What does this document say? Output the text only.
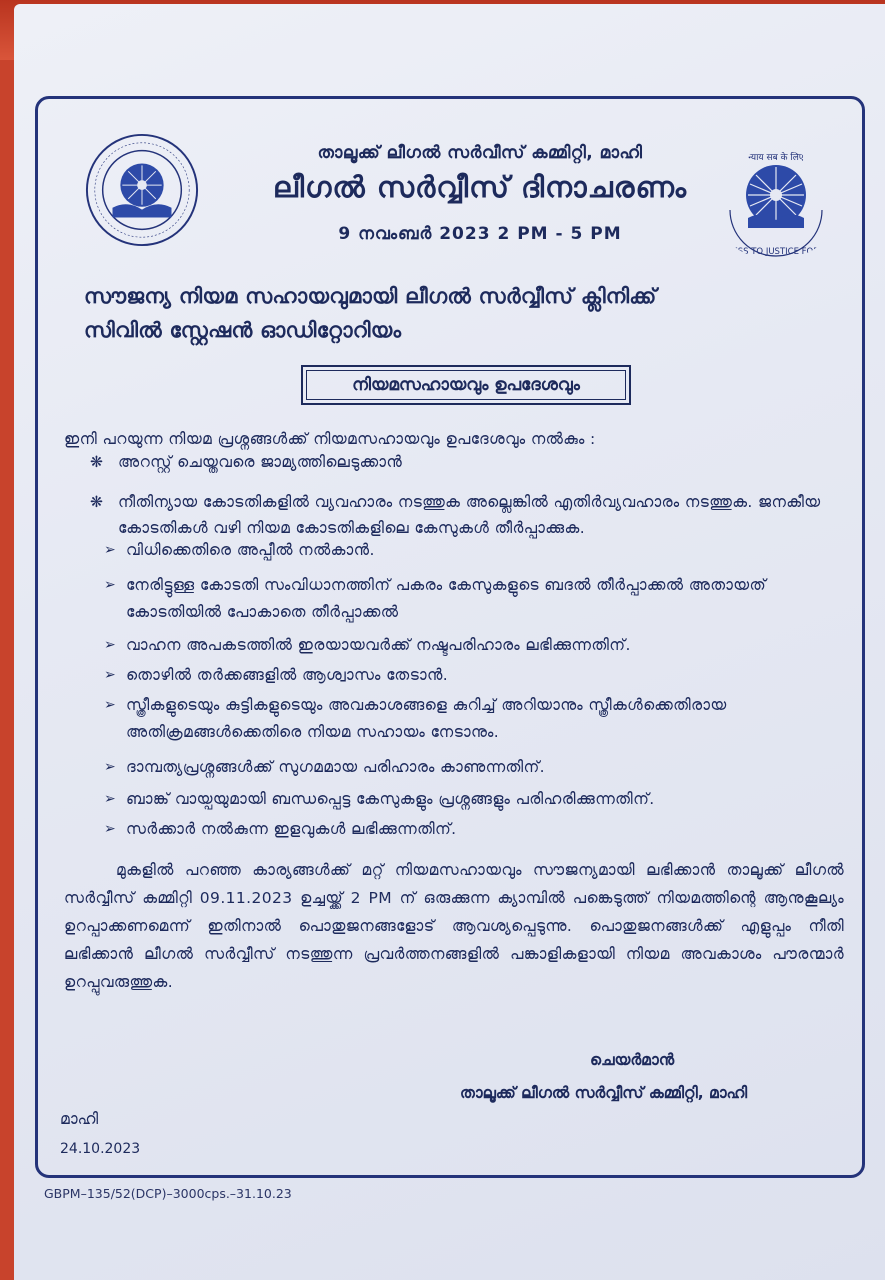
न्याय सब के लिए
ACCESS TO JUSTICE FOR ALL
താലൂക്ക് ലീഗൽ സർവീസ് കമ്മിറ്റി, മാഹി
ലീഗൽ സർവ്വീസ് ദിനാചരണം
9 നവംബർ 2023 2 PM - 5 PM
സൗജന്യ നിയമ സഹായവുമായി ലീഗൽ സർവ്വീസ് ക്ലിനിക്ക്
സിവിൽ സ്റ്റേഷൻ ഓഡിറ്റോറിയം
നിയമസഹായവും ഉപദേശവും
ഇനി പറയുന്ന നിയമ പ്രശ്നങ്ങൾക്ക് നിയമസഹായവും ഉപദേശവും നൽകും :
❋ അറസ്റ്റ് ചെയ്തവരെ ജാമ്യത്തിലെടുക്കാൻ
❋ നീതിന്യായ കോടതികളിൽ വ്യവഹാരം നടത്തുക അല്ലെങ്കിൽ എതിർവ്യവഹാരം നടത്തുക. ജനകീയ കോടതികൾ വഴി നിയമ കോടതികളിലെ കേസുകൾ തീർപ്പാക്കുക.
➢ വിധിക്കെതിരെ അപ്പീൽ നൽകാൻ.
➢ നേരിട്ടുള്ള കോടതി സംവിധാനത്തിന് പകരം കേസുകളുടെ ബദൽ തീർപ്പാക്കൽ അതായത് കോടതിയിൽ പോകാതെ തീർപ്പാക്കൽ
➢ വാഹന അപകടത്തിൽ ഇരയായവർക്ക് നഷ്ടപരിഹാരം ലഭിക്കുന്നതിന്.
➢ തൊഴിൽ തർക്കങ്ങളിൽ ആശ്വാസം തേടാൻ.
➢ സ്ത്രീകളുടെയും കുട്ടികളുടെയും അവകാശങ്ങളെ കുറിച്ച് അറിയാനും സ്ത്രീകൾക്കെതിരായ അതിക്രമങ്ങൾക്കെതിരെ നിയമ സഹായം നേടാനും.
➢ ദാമ്പത്യപ്രശ്നങ്ങൾക്ക് സുഗമമായ പരിഹാരം കാണുന്നതിന്.
➢ ബാങ്ക് വായ്പയുമായി ബന്ധപ്പെട്ട കേസുകളും പ്രശ്നങ്ങളും പരിഹരിക്കുന്നതിന്.
➢ സർക്കാർ നൽകുന്ന ഇളവുകൾ ലഭിക്കുന്നതിന്.
മുകളിൽ പറഞ്ഞ കാര്യങ്ങൾക്ക് മറ്റ് നിയമസഹായവും സൗജന്യമായി ലഭിക്കാൻ താലൂക്ക് ലീഗൽ സർവ്വീസ് കമ്മിറ്റി 09.11.2023 ഉച്ചയ്ക്ക് 2 PM ന് ഒരുക്കുന്ന ക്യാമ്പിൽ പങ്കെടുത്ത് നിയമത്തിന്റെ ആനുകൂല്യം ഉറപ്പാക്കണമെന്ന് ഇതിനാൽ പൊതുജനങ്ങളോട് ആവശ്യപ്പെടുന്നു. പൊതുജനങ്ങൾക്ക് എളുപ്പം നീതി ലഭിക്കാൻ ലീഗൽ സർവ്വീസ് നടത്തുന്ന പ്രവർത്തനങ്ങളിൽ പങ്കാളികളായി നിയമ അവകാശം പൗരന്മാർ ഉറപ്പുവരുത്തുക.
ചെയർമാൻ
താലൂക്ക് ലീഗൽ സർവ്വീസ് കമ്മിറ്റി, മാഹി
മാഹി
24.10.2023
GBPM–135/52(DCP)–3000cps.–31.10.23
